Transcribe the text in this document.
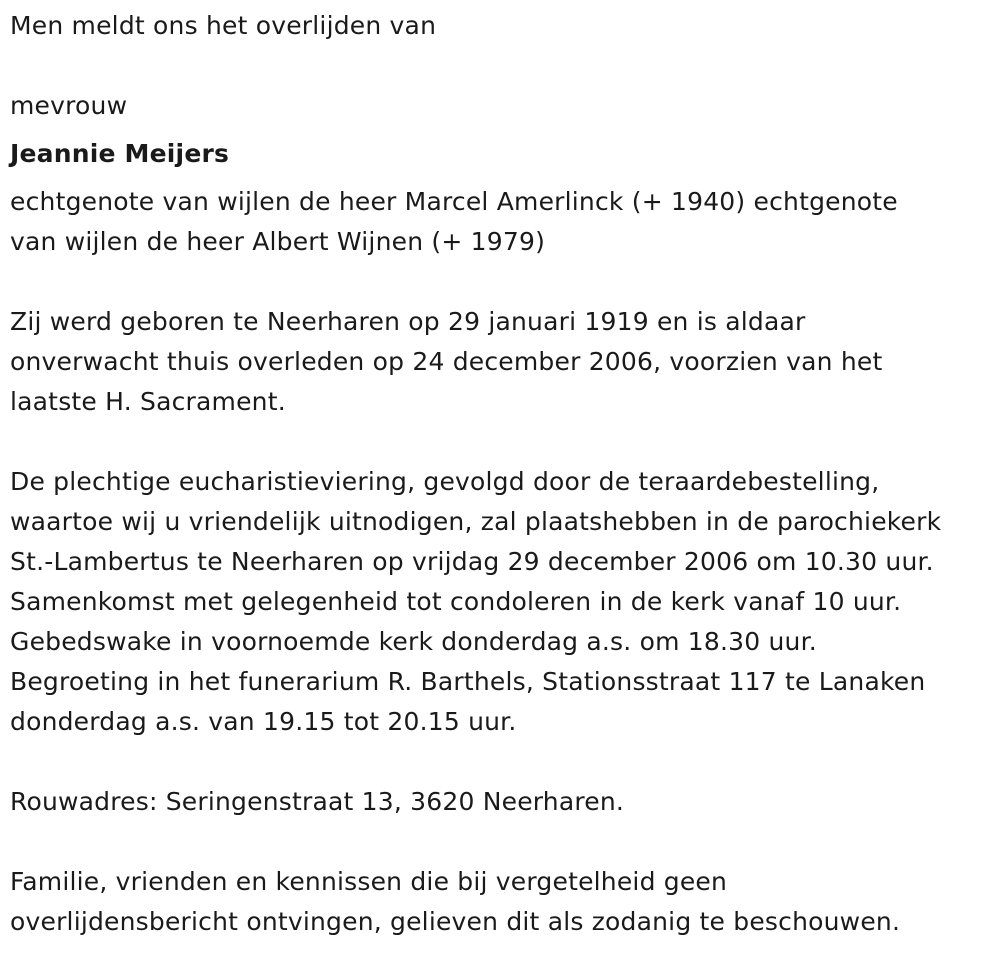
Men meldt ons het overlijden van

mevrouw

Jeannie Meijers

echtgenote van wijlen de heer Marcel Amerlinck (+ 1940) echtgenote
van wijlen de heer Albert Wijnen (+ 1979)

Zij werd geboren te Neerharen op 29 januari 1919 en is aldaar
onverwacht thuis overleden op 24 december 2006, voorzien van het
laatste H. Sacrament.

De plechtige eucharistieviering, gevolgd door de teraardebestelling,
waartoe wij u vriendelijk uitnodigen, zal plaatshebben in de parochiekerk
St.-Lambertus te Neerharen op vrijdag 29 december 2006 om 10.30 uur.
Samenkomst met gelegenheid tot condoleren in de kerk vanaf 10 uur.
Gebedswake in voornoemde kerk donderdag a.s. om 18.30 uur.
Begroeting in het funerarium R. Barthels, Stationsstraat 117 te Lanaken
donderdag a.s. van 19.15 tot 20.15 uur.

Rouwadres: Seringenstraat 13, 3620 Neerharen.

Familie, vrienden en kennissen die bij vergetelheid geen
overlijdensbericht ontvingen, gelieven dit als zodanig te beschouwen.
